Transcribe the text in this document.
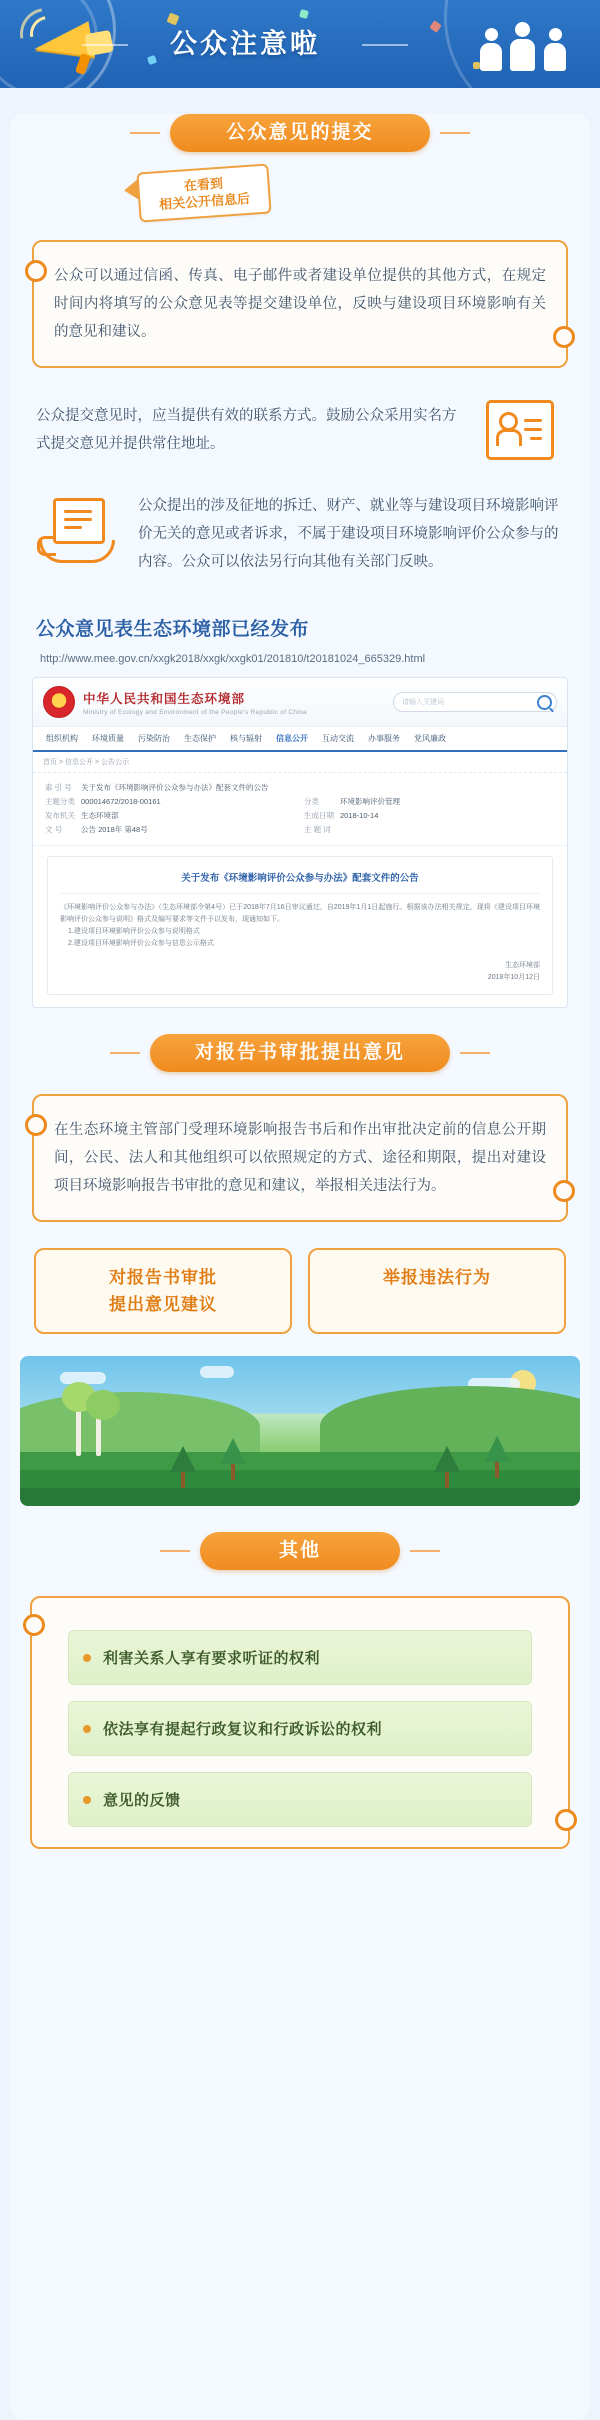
公众注意啦
公众意见的提交
在看到
相关公开信息后
公众可以通过信函、传真、电子邮件或者建设单位提供的其他方式，在规定时间内将填写的公众意见表等提交建设单位，反映与建设项目环境影响有关的意见和建议。
公众提交意见时，应当提供有效的联系方式。鼓励公众采用实名方式提交意见并提供常住地址。
公众提出的涉及征地的拆迁、财产、就业等与建设项目环境影响评价无关的意见或者诉求，不属于建设项目环境影响评价公众参与的内容。公众可以依法另行向其他有关部门反映。
公众意见表生态环境部已经发布
http://www.mee.gov.cn/xxgk2018/xxgk/xxgk01/201810/t20181024_665329.html
中华人民共和国生态环境部
Ministry of Ecology and Environment of the People's Republic of China
请输入关键词
组织机构	环境质量	污染防治	生态保护	核与辐射	信息公开	互动交流	办事服务	党风廉政
首页 > 信息公开 > 公告公示
索 引 号	关于发布《环境影响评价公众参与办法》配套文件的公告
主题分类 000014672/2018-00161	分类	环境影响评价管理
发布机关 生态环境部	生成日期 2018-10-14
文 号	公告 2018年 第48号	主 题 词
关于发布《环境影响评价公众参与办法》配套文件的公告
《环境影响评价公众参与办法》（生态环境部令第4号）已于2018年7月16日审议通过，自2019年1月1日起施行。根据该办法相关规定，现将《建设项目环境影响评价公众参与说明》格式及编写要求等文件予以发布，现通知如下。
1.建设项目环境影响评价公众参与说明格式
2.建设项目环境影响评价公众参与信息公示格式
生态环境部
2018年10月12日
对报告书审批提出意见
在生态环境主管部门受理环境影响报告书后和作出审批决定前的信息公开期间，公民、法人和其他组织可以依照规定的方式、途径和期限，提出对建设项目环境影响报告书审批的意见和建议，举报相关违法行为。
对报告书审批
提出意见建议
举报违法行为
其他
利害关系人享有要求听证的权利
依法享有提起行政复议和行政诉讼的权利
意见的反馈
